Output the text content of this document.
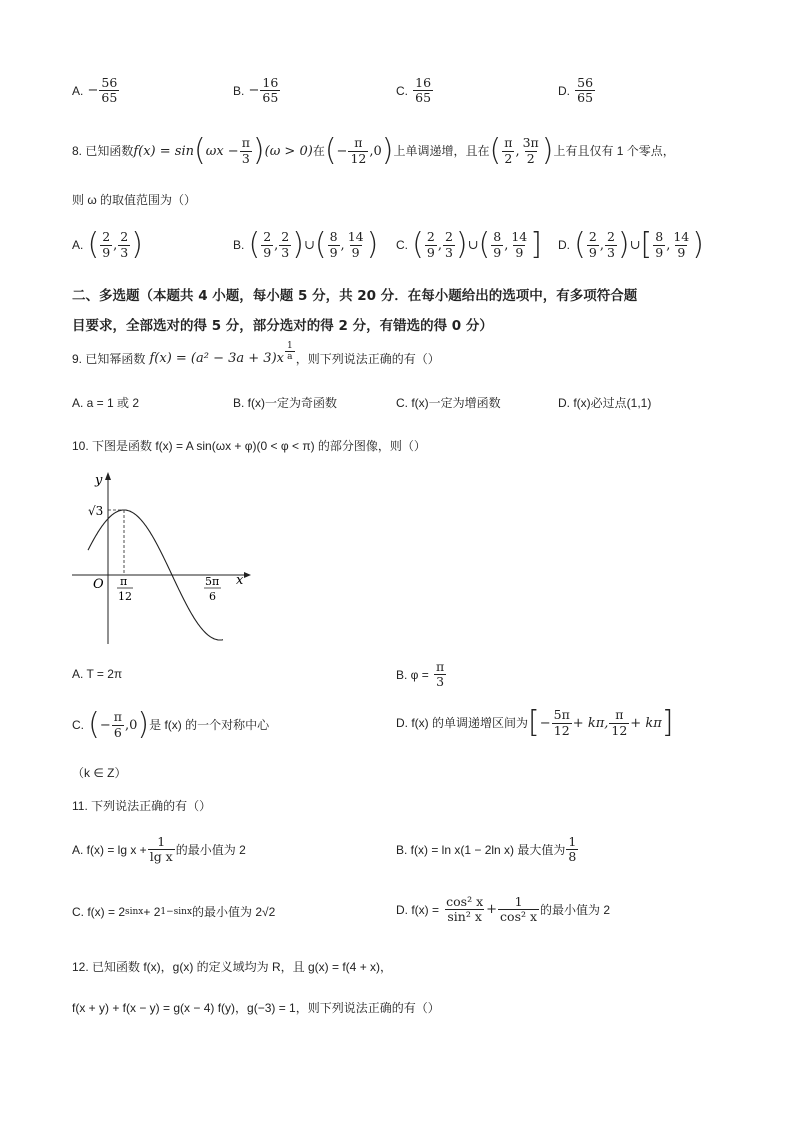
A.
− $\frac{56}{65}$	B.
− $\frac{16}{65}$	C.
$\frac{16}{65}$	D.
$\frac{56}{65}$
8. 已知函数 f(x) = sin ( $\omega x - \frac{\pi}{3}$ ) (ω > 0) 在 ( − $\frac{\pi}{12} ,0$ ) 上单调递增，且在 ( $\frac{\pi}{2}$ , $\frac{3\pi}{2}$ ) 上有且仅有 1 个零点，
则 ω 的取值范围为（）
A.
( $\frac{2}{9}$ , $\frac{2}{3}$ )	B.
( $\frac{2}{9}$ , $\frac{2}{3}$ ) ∪ ( $\frac{8}{9}$ , $\frac{14}{9}$ ) C.
( $\frac{2}{9}$ , $\frac{2}{3}$ ) ∪ ( $\frac{8}{9}$ , $\frac{14}{9}$ ] D.
( $\frac{2}{9}$ , $\frac{2}{3}$ ) ∪ [ $\frac{8}{9}$ , $\frac{14}{9}$ )
二、多选题（本题共 4 小题，每小题 5 分，共 20 分．在每小题给出的选项中，有多项符合题
目要求，全部选对的得 5 分，部分选对的得 2 分，有错选的得 0 分）
9. 已知幂函数
$f(x) = (a^2 - 3a + 3)x \frac{1}{a}$ ，则下列说法正确的有（）
A. a = 1 或 2	B. f(x)一定为奇函数	C. f(x)一定为增函数	D. f(x)必过点(1,1)
10. 下图是函数 f(x) = A sin(ωx + φ)(0 < φ < π) 的部分图像，则（）
y
x
O
√3
π
12
5π
6
A. T = 2π	B. φ =
$\frac{\pi}{3}$
C.
( − $\frac{\pi}{6} ,0$ ) 是 f(x) 的一个对称中心	D. f(x) 的单调递增区间为 [ − $\frac{5\pi}{12} + k\pi$, $\frac{\pi}{12} + k\pi$ ]
（k ∈ Z）
11. 下列说法正确的有（）
A. $f(x) = \lg x + \frac{1}{\text{lg x}}$ 的最小值为 2	B. f(x) = ln x(1 − 2ln x) 最大值为 $\frac{1}{8}$
C. f(x) = 2 sinx + 2 1−sinx 的最小值为 2√2	D. f(x) =
$\frac{\text{cos² x}}{\text{sin² x}} + \frac{1}{\text{cos² x}}$ 的最小值为 2
12. 已知函数 f(x)，g(x) 的定义域均为 R，且 g(x) = f(4 + x)，
f(x + y) + f(x − y) = g(x − 4) f(y)，g(−3) = 1，则下列说法正确的有（）
